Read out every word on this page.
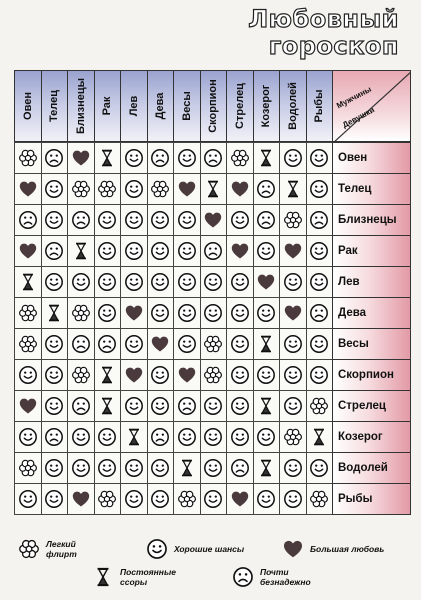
Любовный
гороскоп
Овен Телец Близнецы Рак Лев Дева Весы Скорпион Стрелец Козерог Водолей Рыбы Мужчины
Девушки
Овен
Телец
Близнецы
Рак
Лев
Дева
Весы
Скорпион
Стрелец
Козерог
Водолей
Рыбы
Легкий
флирт	Хорошие шансы	Большая любовь
Постоянные
ссоры
Почти
безнадежно
